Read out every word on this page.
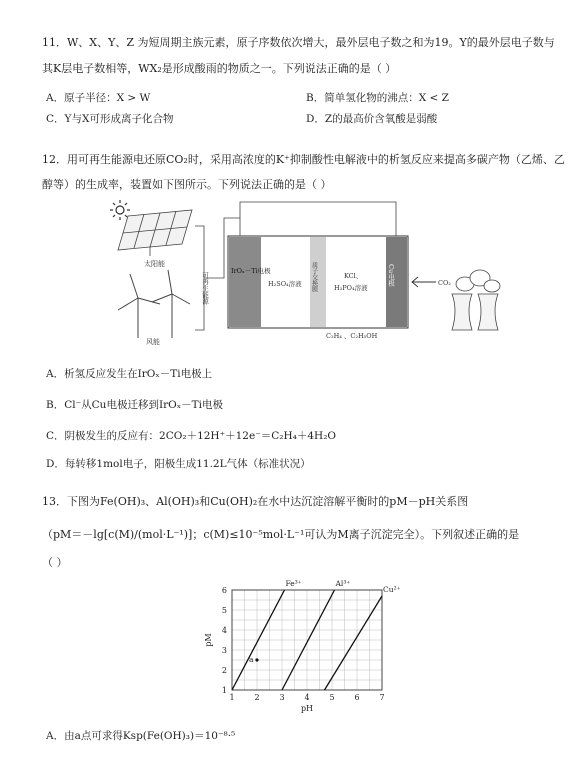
11．W、X、Y、Z 为短周期主族元素，原子序数依次增大，最外层电子数之和为19。Y的最外层电子数与
其K层电子数相等，WX₂是形成酸雨的物质之一。下列说法正确的是（ ）
A．原子半径：X > W	B．简单氢化物的沸点：X < Z
C．Y与X可形成离子化合物	D．Z的最高价含氧酸是弱酸
12．用可再生能源电还原CO₂时，采用高浓度的K⁺抑制酸性电解液中的析氢反应来提高多碳产物（乙烯、乙
醇等）的生成率，装置如下图所示。下列说法正确的是（ ）
太阳能
风能
可再生能源
IrOₓ－Ti电极
H₂SO₄溶液 质子交换膜	KCl、
H₃PO₄溶液
Cu电极
C₂H₄ 、C₂H₅OH
CO₂
A．析氢反应发生在IrOₓ－Ti电极上
B．Cl⁻从Cu电极迁移到IrOₓ－Ti电极
C．阴极发生的反应有：2CO₂＋12H⁺＋12e⁻＝C₂H₄＋4H₂O
D．每转移1mol电子，阳极生成11.2L气体（标准状况）
13．下图为Fe(OH)₃、Al(OH)₃和Cu(OH)₂在水中达沉淀溶解平衡时的pM－pH关系图
（pM＝－lg[c(M)/(mol·L⁻¹)]；c(M)≤10⁻⁵mol·L⁻¹可认为M离子沉淀完全）。下列叙述正确的是
（ ）
1 2 3 4 5 6 7
1
2
3
4
5
6
pH
pM
Fe³⁺	Al³⁺
Cu²⁺
a
A．由a点可求得Ksp(Fe(OH)₃)＝10⁻⁸·⁵
